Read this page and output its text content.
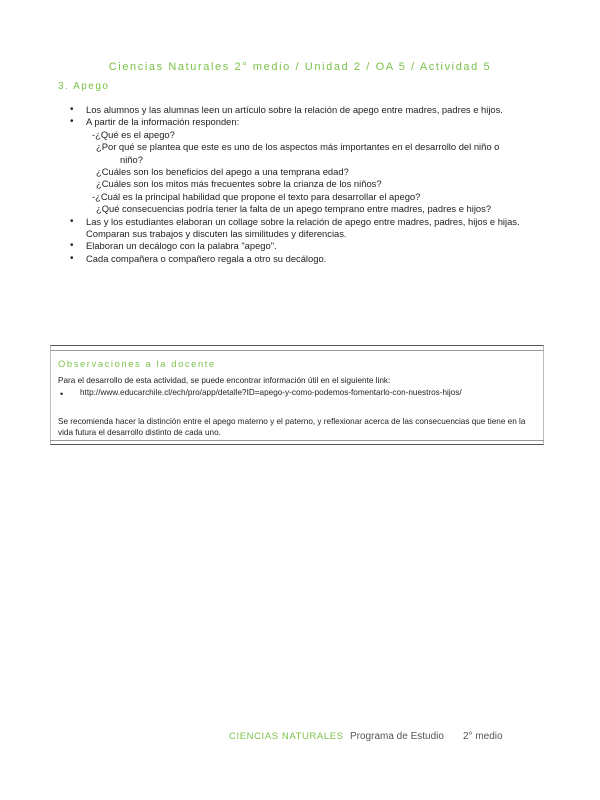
Ciencias Naturales 2° medio / Unidad 2 / OA 5 / Actividad 5
3. Apego
• Los alumnos y las alumnas leen un artículo sobre la relación de apego entre madres, padres e hijos.
• A partir de la información responden:
-¿Qué es el apego?
¿Por qué se plantea que este es uno de los aspectos más importantes en el desarrollo del niño o
niño?
¿Cuáles son los beneficios del apego a una temprana edad?
¿Cuáles son los mitos más frecuentes sobre la crianza de los niños?
-¿Cuál es la principal habilidad que propone el texto para desarrollar el apego?
¿Qué consecuencias podría tener la falta de un apego temprano entre madres, padres e hijos?
• Las y los estudiantes elaboran un collage sobre la relación de apego entre madres, padres, hijos e hijas. Comparan sus trabajos y discuten las similitudes y diferencias.
• Elaboran un decálogo con la palabra "apego".
• Cada compañera o compañero regala a otro su decálogo.
Observaciones a la docente
Para el desarrollo de esta actividad, se puede encontrar información útil en el siguiente link:
• http://www.educarchile.cl/ech/pro/app/detalle?ID=apego-y-como-podemos-fomentarlo-con-nuestros-hijos/
Se recomienda hacer la distinción entre el apego materno y el paterno, y reflexionar acerca de las consecuencias que tiene en la vida futura el desarrollo distinto de cada uno.
CIENCIAS NATURALES Programa de Estudio 2° medio
